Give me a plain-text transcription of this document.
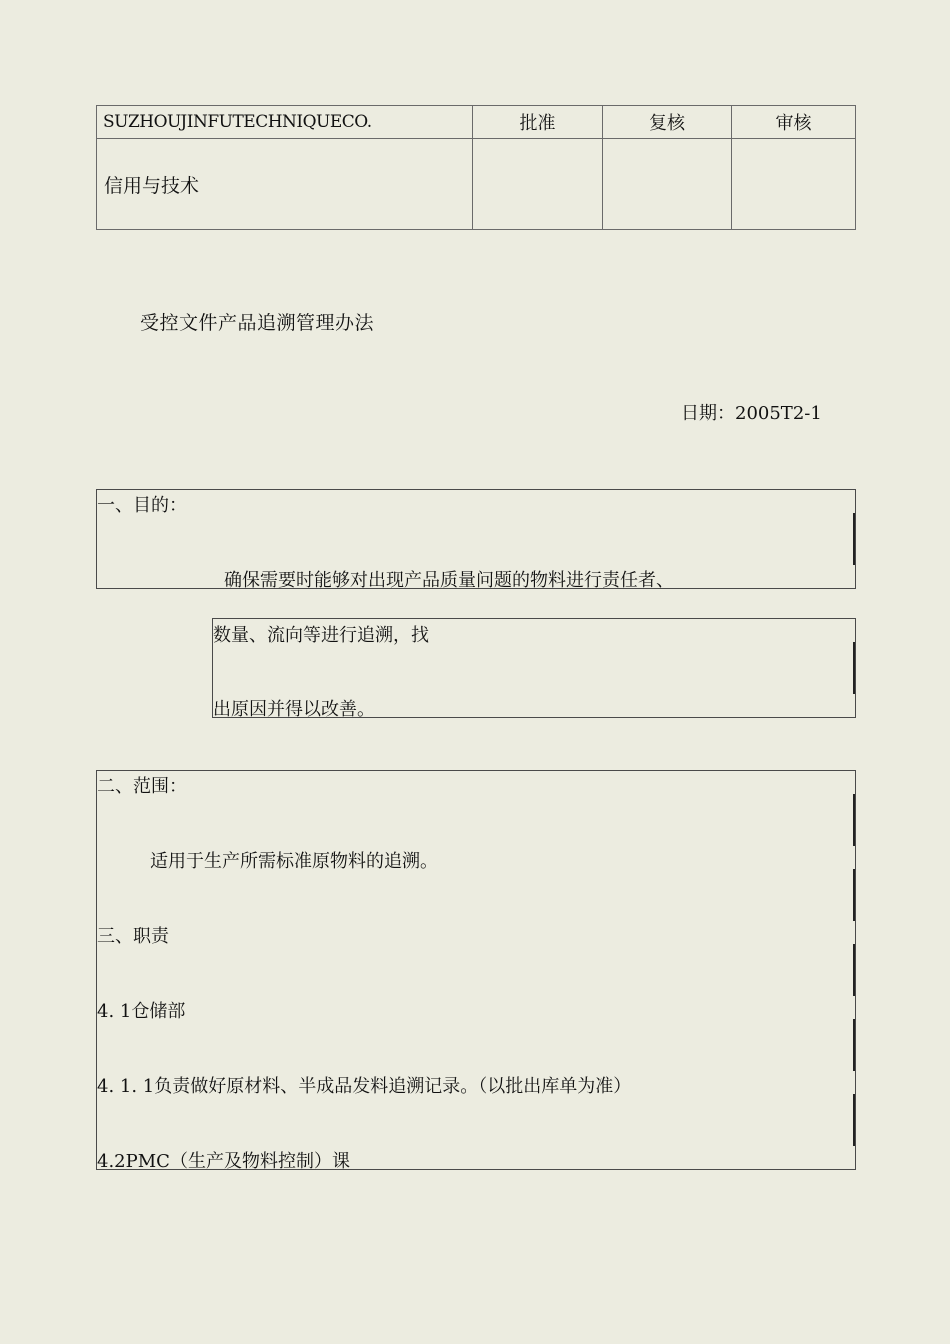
SUZHOUJINFUTECHNIQUECO.	批准	复核	审核
信用与技术			
受控文件产品追溯管理办法
日期：2005T2-1
一、目的：
确保需要时能够对出现产品质量问题的物料进行责任者、
数量、流向等进行追溯，找
出原因并得以改善。
二、范围：
适用于生产所需标准原物料的追溯。
三、职责
4. 1仓储部
4. 1. 1负责做好原材料、半成品发料追溯记录。（以批出库单为准）
4.2PMC（生产及物料控制）课
